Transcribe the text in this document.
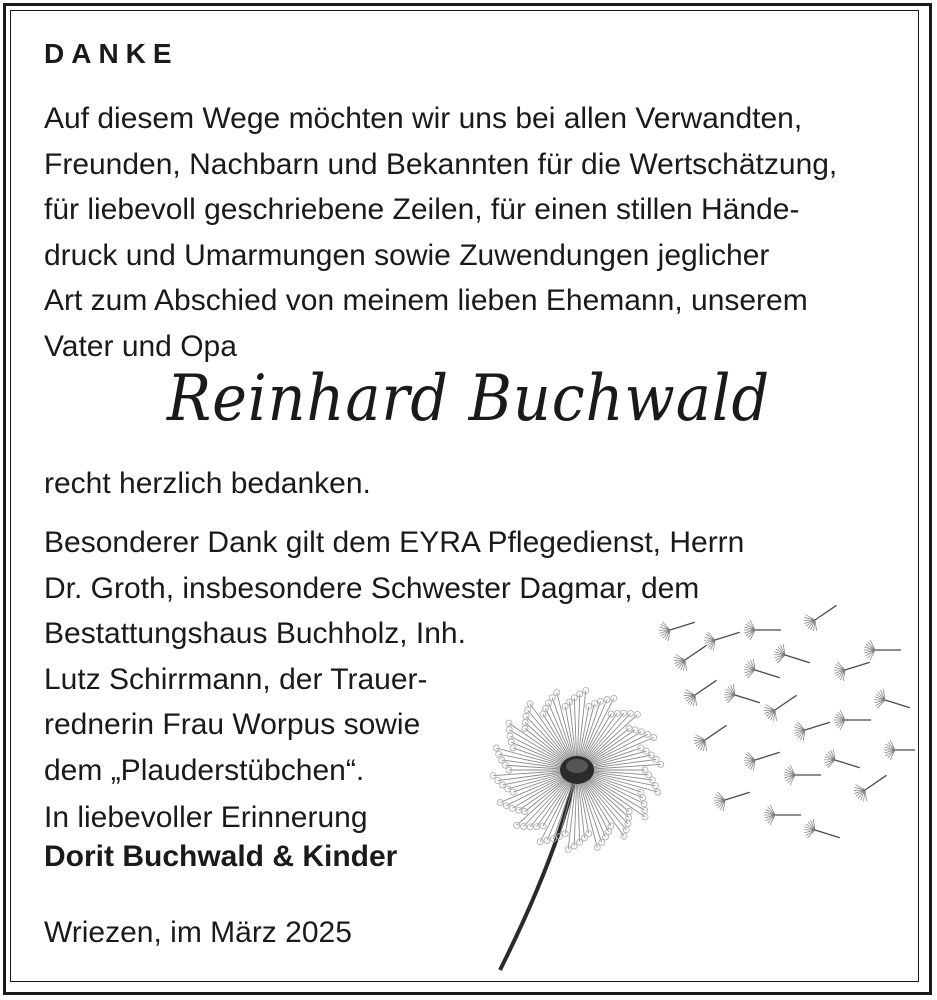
DANKE
Auf diesem Wege möchten wir uns bei allen Verwandten,
Freunden, Nachbarn und Bekannten für die Wertschätzung,
für liebevoll geschriebene Zeilen, für einen stillen Hände-
druck und Umarmungen sowie Zuwendungen jeglicher
Art zum Abschied von meinem lieben Ehemann, unserem
Vater und Opa
Reinhard Buchwald
recht herzlich bedanken.
Besonderer Dank gilt dem EYRA Pflegedienst, Herrn
Dr. Groth, insbesondere Schwester Dagmar, dem
Bestattungshaus Buchholz, Inh.
Lutz Schirrmann, der Trauer-
rednerin Frau Worpus sowie
dem „Plauderstübchen“.
In liebevoller Erinnerung
Dorit Buchwald & Kinder
Wriezen, im März 2025
